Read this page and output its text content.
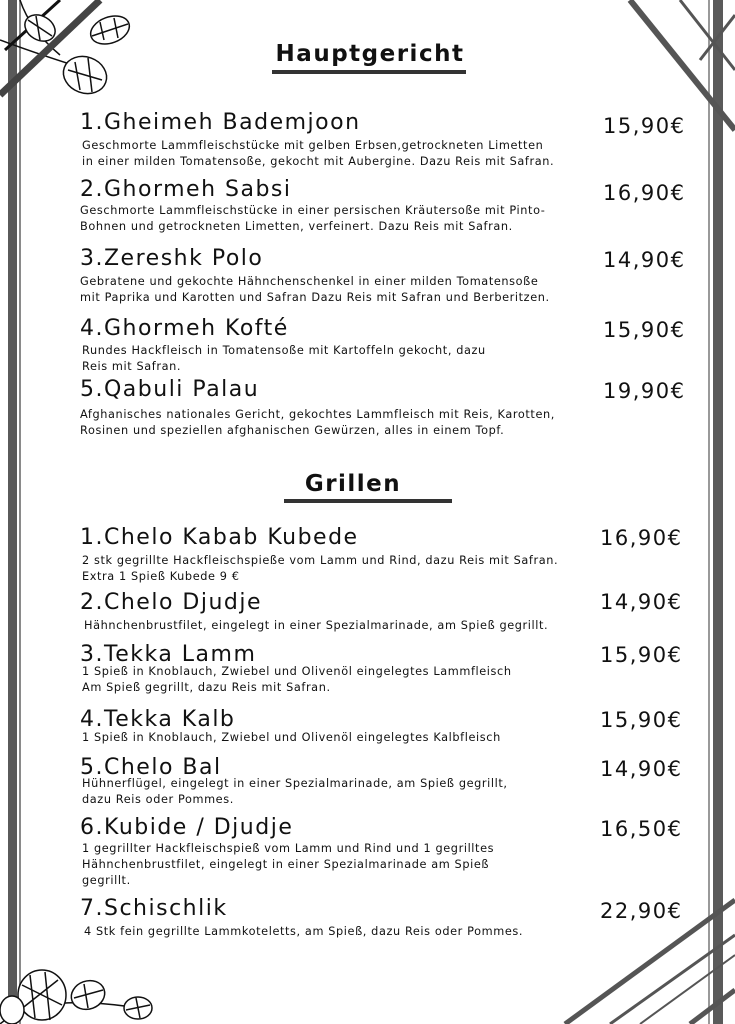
Hauptgericht
1.Gheimeh Bademjoon	15,90€
Geschmorte Lammfleischstücke mit gelben Erbsen,getrockneten Limetten
in einer milden Tomatensoße, gekocht mit Aubergine. Dazu Reis mit Safran.
2.Ghormeh Sabsi	16,90€
Geschmorte Lammfleischstücke in einer persischen Kräutersoße mit Pinto-
Bohnen und getrockneten Limetten, verfeinert. Dazu Reis mit Safran.
3.Zereshk Polo	14,90€
Gebratene und gekochte Hähnchenschenkel in einer milden Tomatensoße
mit Paprika und Karotten und Safran Dazu Reis mit Safran und Berberitzen.
4.Ghormeh Kofté	15,90€
Rundes Hackfleisch in Tomatensoße mit Kartoffeln gekocht, dazu
Reis mit Safran.
5.Qabuli Palau	19,90€
Afghanisches nationales Gericht, gekochtes Lammfleisch mit Reis, Karotten,
Rosinen und speziellen afghanischen Gewürzen, alles in einem Topf.
Grillen
1.Chelo Kabab Kubede	16,90€
2 stk gegrillte Hackfleischspieße vom Lamm und Rind, dazu Reis mit Safran.
Extra 1 Spieß Kubede 9 €
2.Chelo Djudje	14,90€
Hähnchenbrustfilet, eingelegt in einer Spezialmarinade, am Spieß gegrillt.
3.Tekka Lamm	15,90€
1 Spieß in Knoblauch, Zwiebel und Olivenöl eingelegtes Lammfleisch
Am Spieß gegrillt, dazu Reis mit Safran.
4.Tekka Kalb	15,90€
1 Spieß in Knoblauch, Zwiebel und Olivenöl eingelegtes Kalbfleisch
5.Chelo Bal	14,90€
Hühnerflügel, eingelegt in einer Spezialmarinade, am Spieß gegrillt,
dazu Reis oder Pommes.
6.Kubide / Djudje	16,50€
1 gegrillter Hackfleischspieß vom Lamm und Rind und 1 gegrilltes
Hähnchenbrustfilet, eingelegt in einer Spezialmarinade am Spieß
gegrillt.
7.Schischlik	22,90€
4 Stk fein gegrillte Lammkoteletts, am Spieß, dazu Reis oder Pommes.
